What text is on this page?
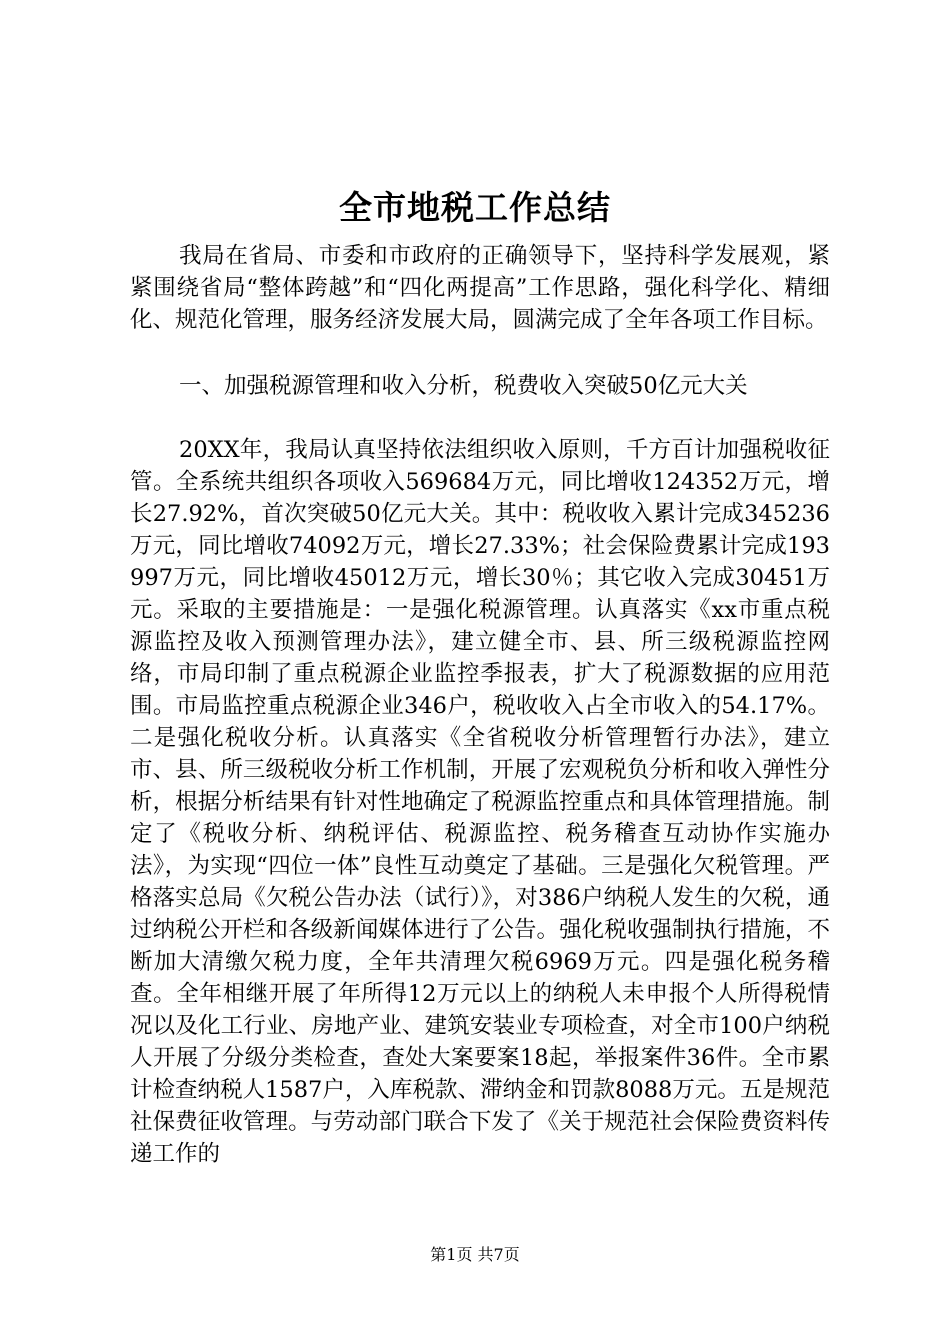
全市地税工作总结

我局在省局、市委和市政府的正确领导下，坚持科学发展观，紧紧围绕省局“整体跨越”和“四化两提高”工作思路，强化科学化、精细化、规范化管理，服务经济发展大局，圆满完成了全年各项工作目标。

一、加强税源管理和收入分析，税费收入突破50亿元大关

20XX年，我局认真坚持依法组织收入原则，千方百计加强税收征管。全系统共组织各项收入569684万元，同比增收124352万元，增长27.92%，首次突破50亿元大关。其中：税收收入累计完成345236万元，同比增收74092万元，增长27.33%；社会保险费累计完成193997万元，同比增收45012万元，增长30％；其它收入完成30451万元。采取的主要措施是：一是强化税源管理。认真落实《xx市重点税源监控及收入预测管理办法》，建立健全市、县、所三级税源监控网络，市局印制了重点税源企业监控季报表，扩大了税源数据的应用范围。市局监控重点税源企业346户，税收收入占全市收入的54.17%。二是强化税收分析。认真落实《全省税收分析管理暂行办法》，建立市、县、所三级税收分析工作机制，开展了宏观税负分析和收入弹性分析，根据分析结果有针对性地确定了税源监控重点和具体管理措施。制定了《税收分析、纳税评估、税源监控、税务稽查互动协作实施办法》，为实现“四位一体”良性互动奠定了基础。三是强化欠税管理。严格落实总局《欠税公告办法（试行）》，对386户纳税人发生的欠税，通过纳税公开栏和各级新闻媒体进行了公告。强化税收强制执行措施，不断加大清缴欠税力度，全年共清理欠税6969万元。四是强化税务稽查。全年相继开展了年所得12万元以上的纳税人未申报个人所得税情况以及化工行业、房地产业、建筑安装业专项检查，对全市100户纳税人开展了分级分类检查，查处大案要案18起，举报案件36件。全市累计检查纳税人1587户，入库税款、滞纳金和罚款8088万元。五是规范社保费征收管理。与劳动部门联合下发了《关于规范社会保险费资料传递工作的

第1页 共7页
